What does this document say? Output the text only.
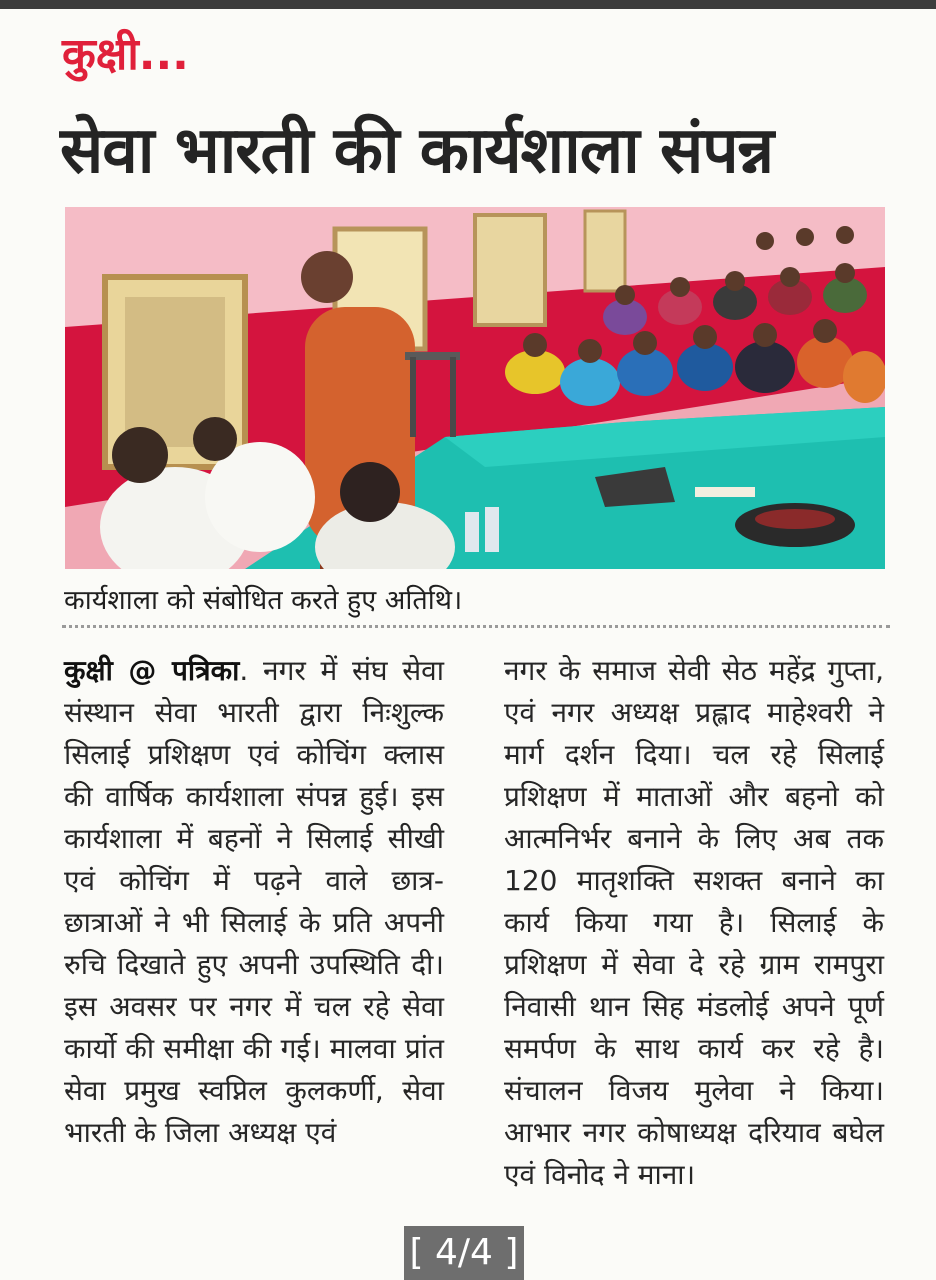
कुक्षी...
सेवा भारती की कार्यशाला संपन्न
कार्यशाला को संबोधित करते हुए अतिथि।
कुक्षी @ पत्रिका. नगर में संघ सेवा संस्थान सेवा भारती द्वारा निःशुल्क सिलाई प्रशिक्षण एवं कोचिंग क्लास की वार्षिक कार्यशाला संपन्न हुई। इस कार्यशाला में बहनों ने सिलाई सीखी एवं कोचिंग में पढ़ने वाले छात्र-छात्राओं ने भी सिलाई के प्रति अपनी रुचि दिखाते हुए अपनी उपस्थिति दी। इस अवसर पर नगर में चल रहे सेवा कार्यो की समीक्षा की गई। मालवा प्रांत सेवा प्रमुख स्वप्निल कुलकर्णी, सेवा भारती के जिला अध्यक्ष एवं
नगर के समाज सेवी सेठ महेंद्र गुप्ता, एवं नगर अध्यक्ष प्रह्लाद माहेश्वरी ने मार्ग दर्शन दिया। चल रहे सिलाई प्रशिक्षण में माताओं और बहनो को आत्मनिर्भर बनाने के लिए अब तक 120 मातृशक्ति सशक्त बनाने का कार्य किया गया है। सिलाई के प्रशिक्षण में सेवा दे रहे ग्राम रामपुरा निवासी थान सिह मंडलोई अपने पूर्ण समर्पण के साथ कार्य कर रहे है। संचालन विजय मुलेवा ने किया। आभार नगर कोषाध्यक्ष दरियाव बघेल एवं विनोद ने माना।
[ 4/4 ]
